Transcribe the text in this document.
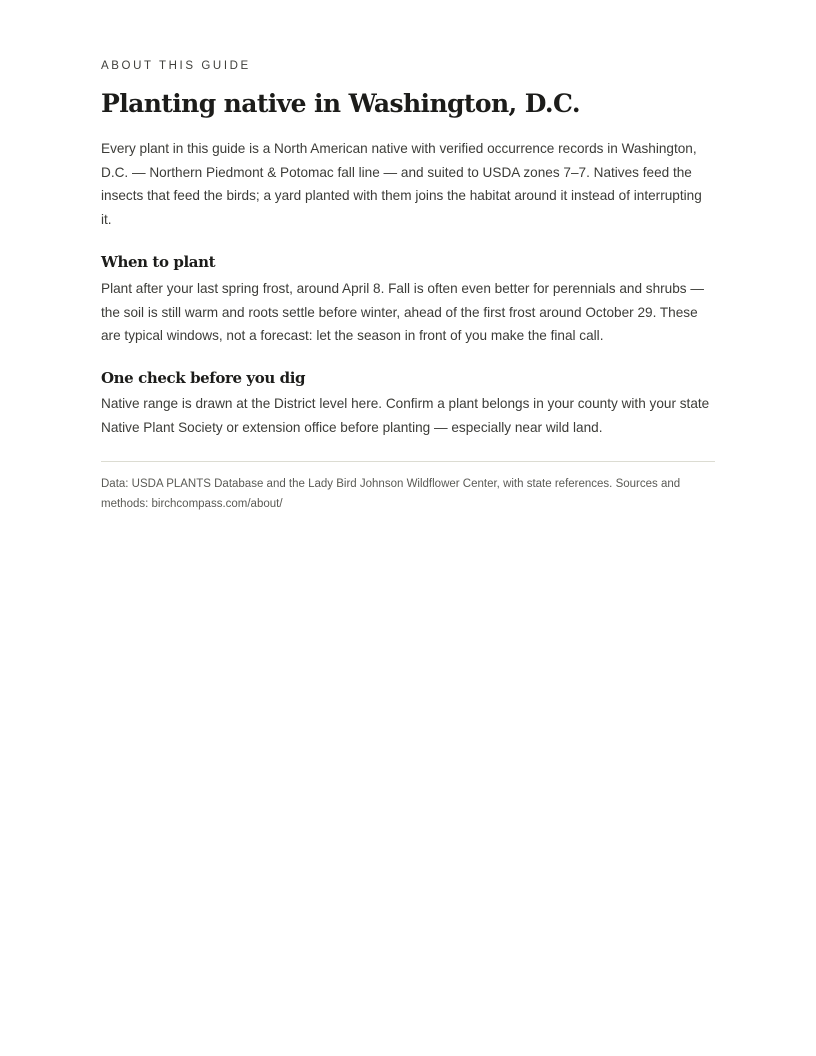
ABOUT THIS GUIDE
Planting native in Washington, D.C.

Every plant in this guide is a North American native with verified occurrence records in Washington, D.C. — Northern Piedmont & Potomac fall line — and suited to USDA zones 7–7. Natives feed the insects that feed the birds; a yard planted with them joins the habitat around it instead of interrupting it.

When to plant

Plant after your last spring frost, around April 8. Fall is often even better for perennials and shrubs — the soil is still warm and roots settle before winter, ahead of the first frost around October 29. These are typical windows, not a forecast: let the season in front of you make the final call.

One check before you dig

Native range is drawn at the District level here. Confirm a plant belongs in your county with your state Native Plant Society or extension office before planting — especially near wild land.

Data: USDA PLANTS Database and the Lady Bird Johnson Wildflower Center, with state references. Sources and methods: birchcompass.com/about/
